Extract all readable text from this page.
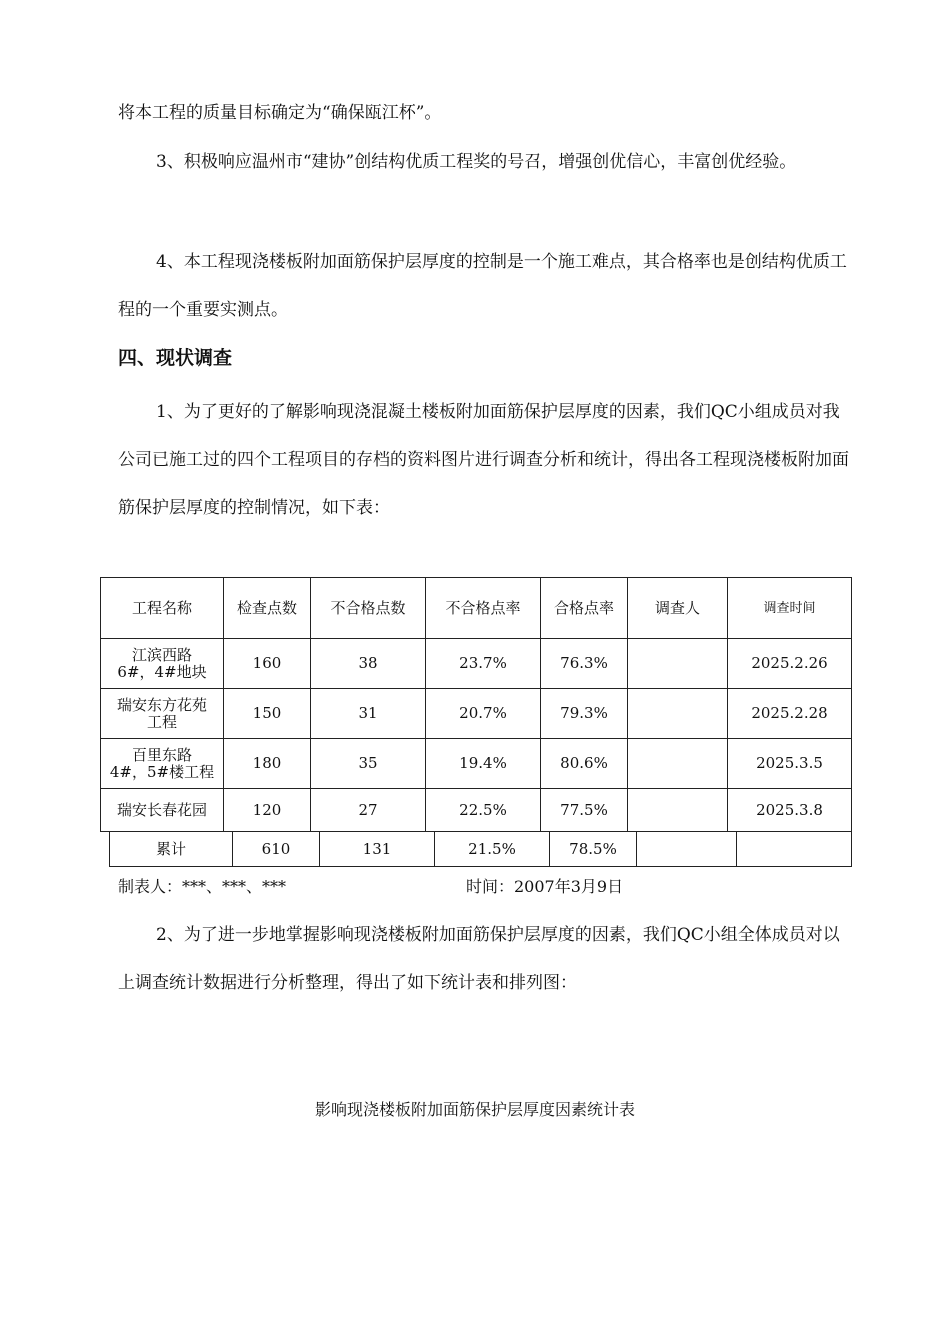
将本工程的质量目标确定为“确保瓯江杯”。

3、积极响应温州市“建协”创结构优质工程奖的号召，增强创优信心，丰富创优经验。

4、本工程现浇楼板附加面筋保护层厚度的控制是一个施工难点，其合格率也是创结构优质工程的一个重要实测点。

四、现状调查

1、为了更好的了解影响现浇混凝土楼板附加面筋保护层厚度的因素，我们QC小组成员对我公司已施工过的四个工程项目的存档的资料图片进行调查分析和统计，得出各工程现浇楼板附加面筋保护层厚度的控制情况，如下表：

工程名称	检查点数	不合格点数	不合格点率	合格点率	调查人	调查时间
江滨西路
6#，4#地块	160	38	23.7%	76.3%		2025.2.26
瑞安东方花苑
工程	150	31	20.7%	79.3%		2025.2.28
百里东路
4#，5#楼工程	180	35	19.4%	80.6%		2025.3.5
瑞安长春花园	120	27	22.5%	77.5%		2025.3.8
累计	610	131	21.5%	78.5%		

制表人：***、***、***	时间：2007年3月9日

2、为了进一步地掌握影响现浇楼板附加面筋保护层厚度的因素，我们QC小组全体成员对以上调查统计数据进行分析整理，得出了如下统计表和排列图：

影响现浇楼板附加面筋保护层厚度因素统计表
